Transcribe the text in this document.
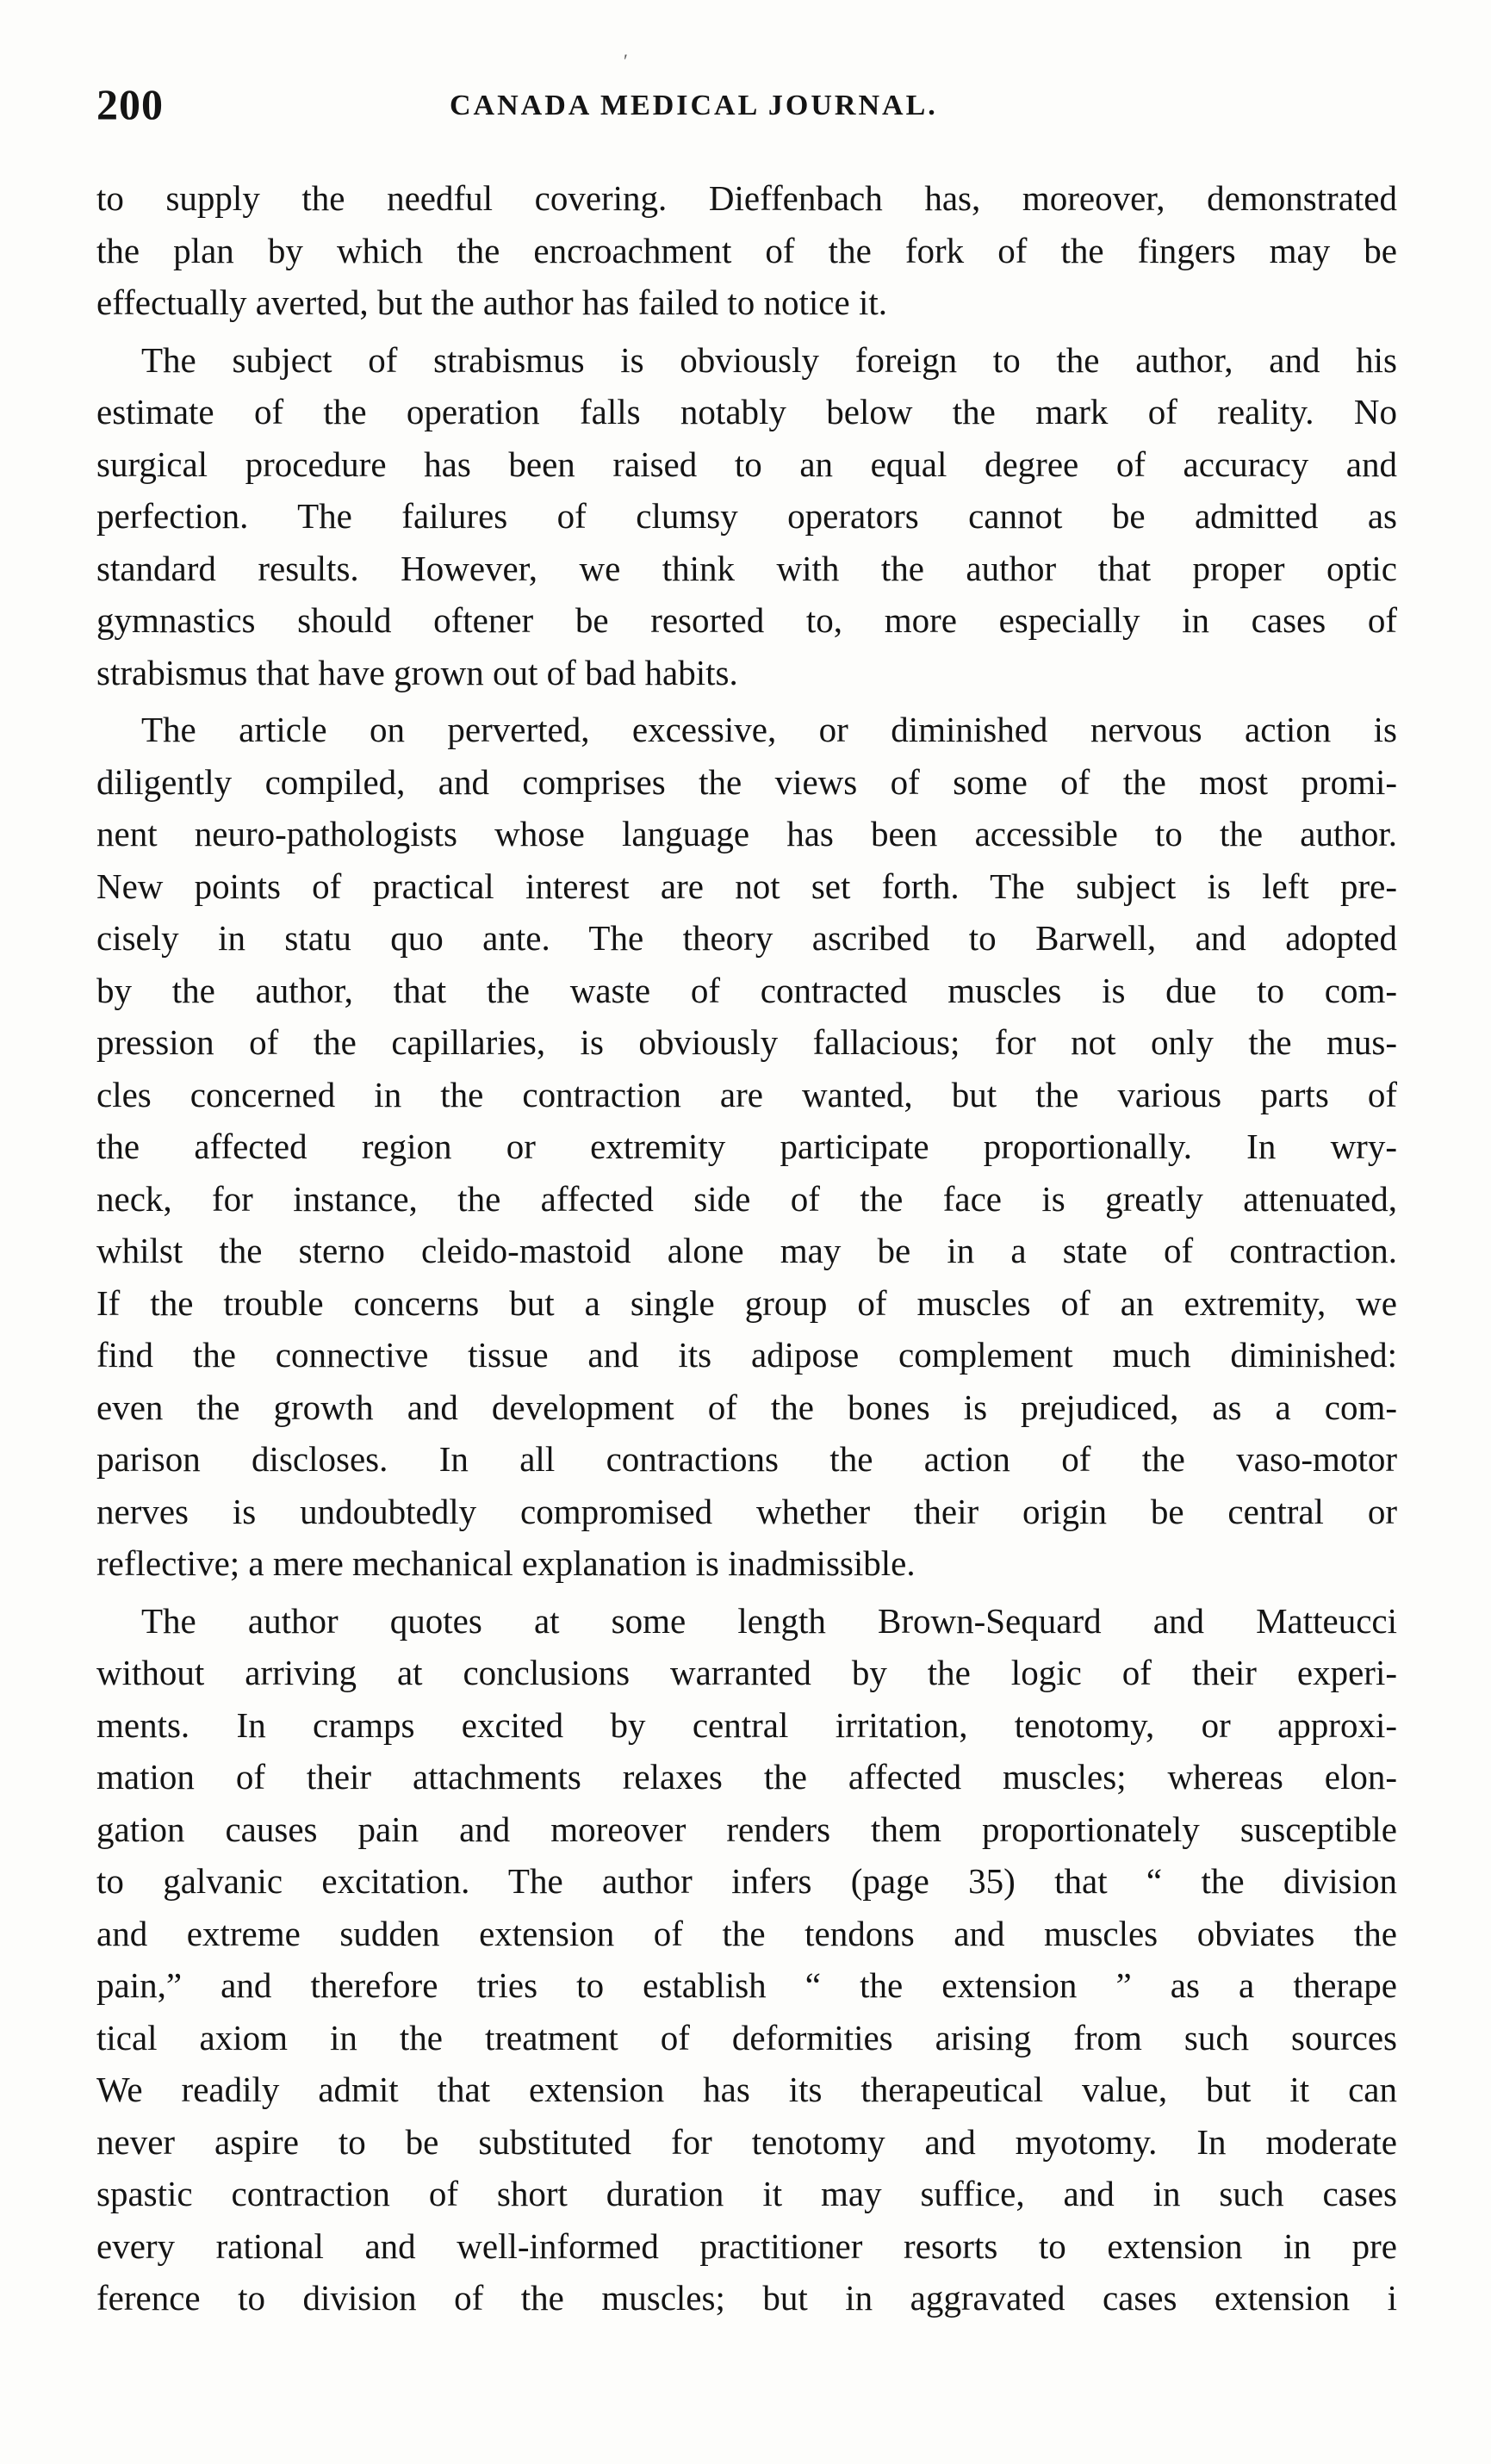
200	CANADA MEDICAL JOURNAL.
to supply the needful covering. Dieffenbach has, moreover, demonstrated
the plan by which the encroachment of the fork of the fingers may be
effectually averted, but the author has failed to notice it.
The subject of strabismus is obviously foreign to the author, and his
estimate of the operation falls notably below the mark of reality. No
surgical procedure has been raised to an equal degree of accuracy and
perfection. The failures of clumsy operators cannot be admitted as
standard results. However, we think with the author that proper optic
gymnastics should oftener be resorted to, more especially in cases of
strabismus that have grown out of bad habits.
The article on perverted, excessive, or diminished nervous action is
diligently compiled, and comprises the views of some of the most promi-
nent neuro-pathologists whose language has been accessible to the author.
New points of practical interest are not set forth. The subject is left pre-
cisely in statu quo ante. The theory ascribed to Barwell, and adopted
by the author, that the waste of contracted muscles is due to com-
pression of the capillaries, is obviously fallacious; for not only the mus-
cles concerned in the contraction are wanted, but the various parts of
the affected region or extremity participate proportionally. In wry-
neck, for instance, the affected side of the face is greatly attenuated,
whilst the sterno cleido-mastoid alone may be in a state of contraction.
If the trouble concerns but a single group of muscles of an extremity, we
find the connective tissue and its adipose complement much diminished:
even the growth and development of the bones is prejudiced, as a com-
parison discloses. In all contractions the action of the vaso-motor
nerves is undoubtedly compromised whether their origin be central or
reflective; a mere mechanical explanation is inadmissible.
The author quotes at some length Brown-Sequard and Matteucci
without arriving at conclusions warranted by the logic of their experi-
ments. In cramps excited by central irritation, tenotomy, or approxi-
mation of their attachments relaxes the affected muscles; whereas elon-
gation causes pain and moreover renders them proportionately susceptible
to galvanic excitation. The author infers (page 35) that “ the division
and extreme sudden extension of the tendons and muscles obviates the
pain,” and therefore tries to establish “ the extension ” as a therape
tical axiom in the treatment of deformities arising from such sources
We readily admit that extension has its therapeutical value, but it can
never aspire to be substituted for tenotomy and myotomy. In moderate
spastic contraction of short duration it may suffice, and in such cases
every rational and well-informed practitioner resorts to extension in pre
ference to division of the muscles; but in aggravated cases extension i
′
